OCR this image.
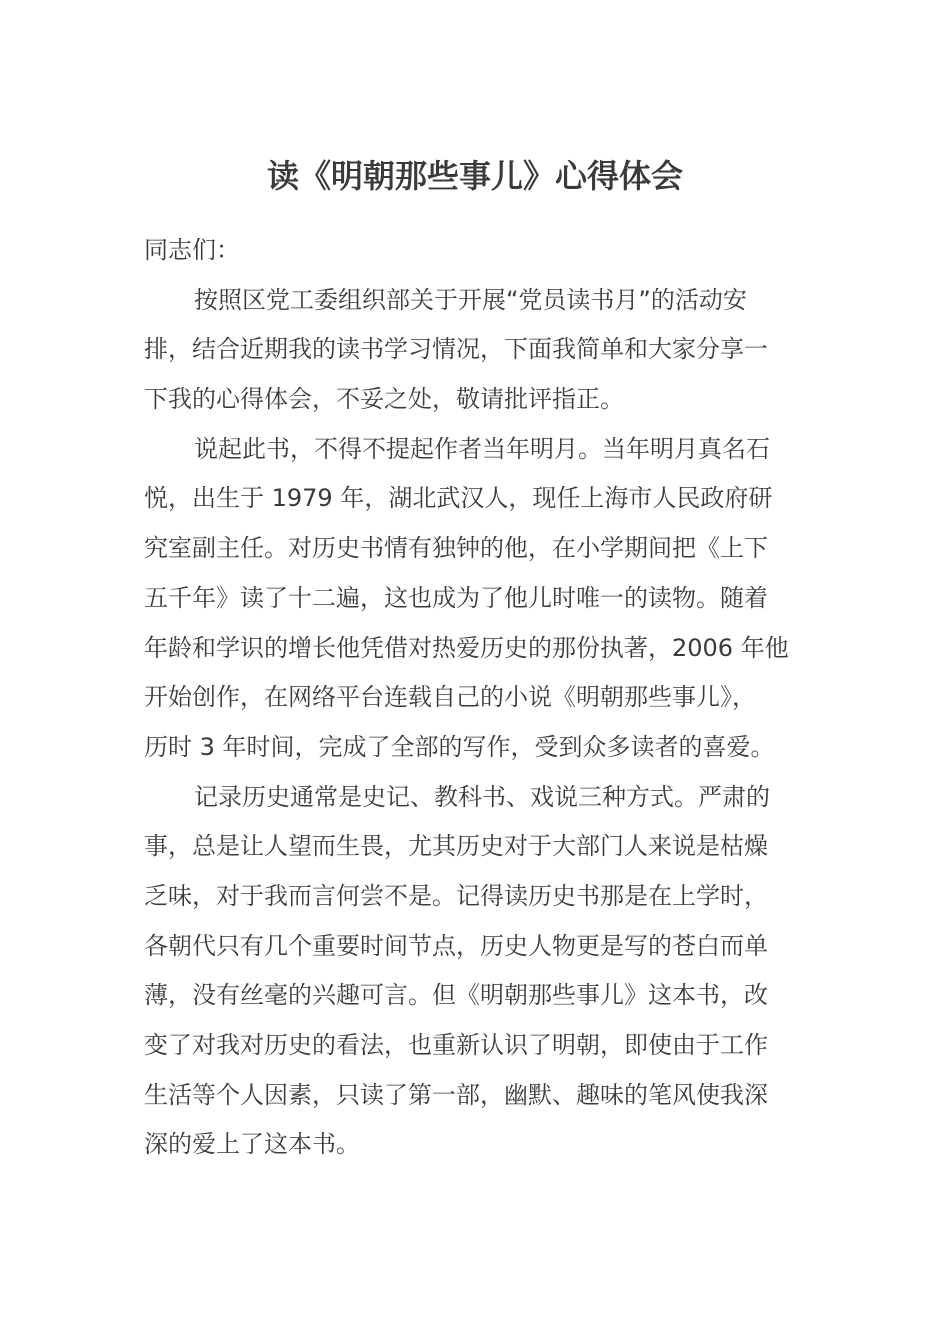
读《明朝那些事儿》心得体会
同志们：

按照区党工委组织部关于开展“党员读书月”的活动安
排，结合近期我的读书学习情况，下面我简单和大家分享一
下我的心得体会，不妥之处，敬请批评指正。

说起此书，不得不提起作者当年明月。当年明月真名石
悦，出生于 1979 年，湖北武汉人，现任上海市人民政府研
究室副主任。对历史书情有独钟的他，在小学期间把《上下
五千年》读了十二遍，这也成为了他儿时唯一的读物。随着
年龄和学识的增长他凭借对热爱历史的那份执著，2006 年他
开始创作，在网络平台连载自己的小说《明朝那些事儿》，
历时 3 年时间，完成了全部的写作，受到众多读者的喜爱。

记录历史通常是史记、教科书、戏说三种方式。严肃的
事，总是让人望而生畏，尤其历史对于大部门人来说是枯燥
乏味，对于我而言何尝不是。记得读历史书那是在上学时，
各朝代只有几个重要时间节点，历史人物更是写的苍白而单
薄，没有丝毫的兴趣可言。但《明朝那些事儿》这本书，改
变了对我对历史的看法，也重新认识了明朝，即使由于工作
生活等个人因素，只读了第一部，幽默、趣味的笔风使我深
深的爱上了这本书。
